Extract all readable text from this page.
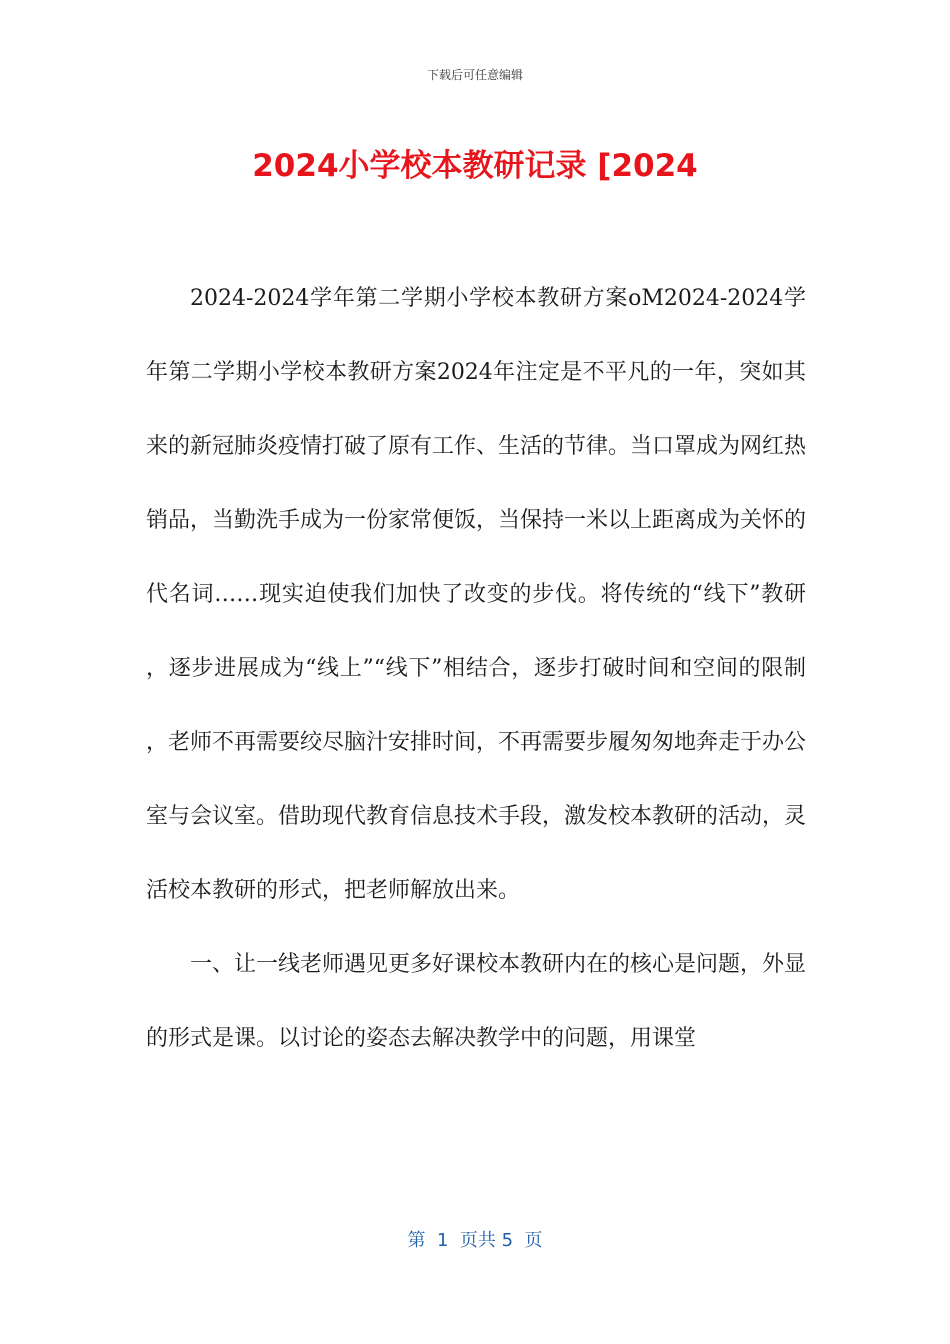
下载后可任意编辑
2024小学校本教研记录 [2024

2024-2024学年第二学期小学校本教研方案oM2024-2024学年第二学期小学校本教研方案2024年注定是不平凡的一年，突如其来的新冠肺炎疫情打破了原有工作、生活的节律。当口罩成为网红热销品，当勤洗手成为一份家常便饭，当保持一米以上距离成为关怀的代名词……现实迫使我们加快了改变的步伐。将传统的“线下”教研，逐步进展成为“线上”“线下”相结合，逐步打破时间和空间的限制，老师不再需要绞尽脑汁安排时间，不再需要步履匆匆地奔走于办公室与会议室。借助现代教育信息技术手段，激发校本教研的活动，灵活校本教研的形式，把老师解放出来。

一、让一线老师遇见更多好课校本教研内在的核心是问题，外显的形式是课。以讨论的姿态去解决教学中的问题，用课堂

第  1  页共 5  页
